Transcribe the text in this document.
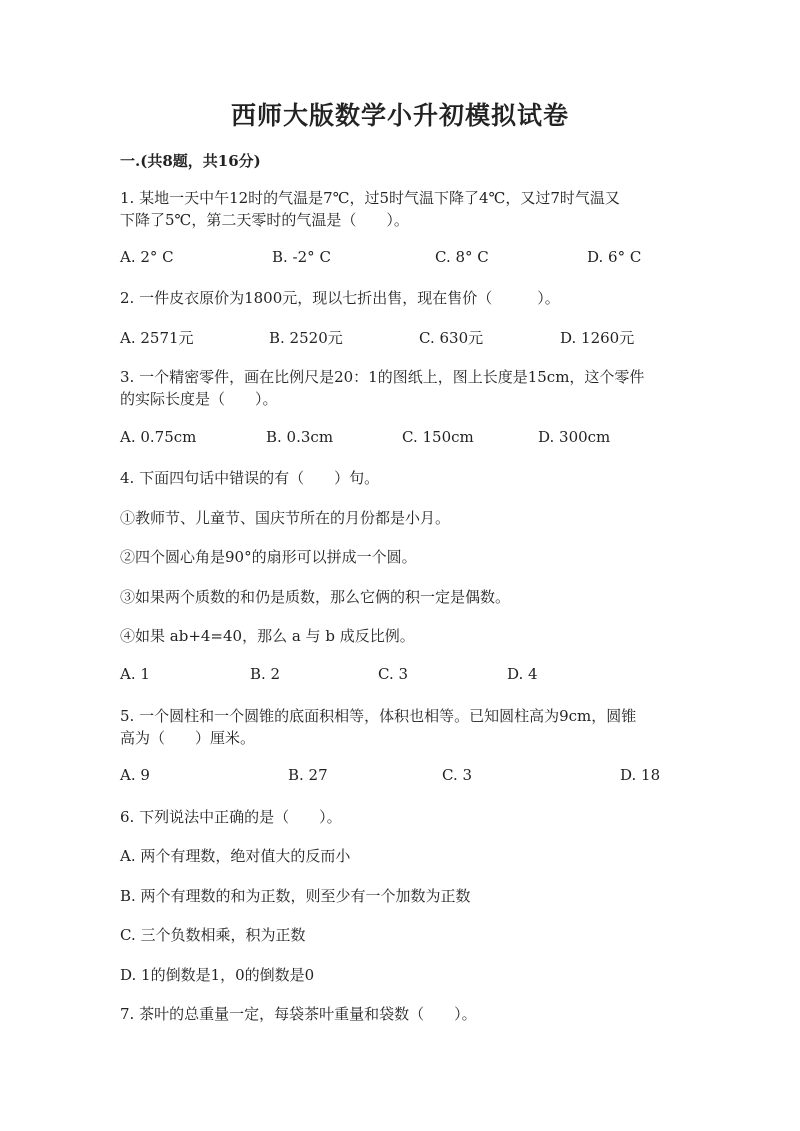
西师大版数学小升初模拟试卷
一.(共8题，共16分)
1. 某地一天中午12时的气温是7℃，过5时气温下降了4℃，又过7时气温又
下降了5℃，第二天零时的气温是（　　）。
A. 2° C	B. -2° C	C. 8° C	D. 6° C
2. 一件皮衣原价为1800元，现以七折出售，现在售价（　　　）。
A. 2571元	B. 2520元	C. 630元	D. 1260元
3. 一个精密零件，画在比例尺是20：1的图纸上，图上长度是15cm，这个零件
的实际长度是（　　）。
A. 0.75cm	B. 0.3cm	C. 150cm	D. 300cm
4. 下面四句话中错误的有（　　）句。
①教师节、儿童节、国庆节所在的月份都是小月。
②四个圆心角是90°的扇形可以拼成一个圆。
③如果两个质数的和仍是质数，那么它俩的积一定是偶数。
④如果 ab+4=40，那么 a 与 b 成反比例。
A. 1	B. 2	C. 3	D. 4
5. 一个圆柱和一个圆锥的底面积相等，体积也相等。已知圆柱高为9cm，圆锥
高为（　　）厘米。
A. 9	B. 27	C. 3	D. 18
6. 下列说法中正确的是（　　）。
A. 两个有理数，绝对值大的反而小
B. 两个有理数的和为正数，则至少有一个加数为正数
C. 三个负数相乘，积为正数
D. 1的倒数是1，0的倒数是0
7. 茶叶的总重量一定，每袋茶叶重量和袋数（　　）。
